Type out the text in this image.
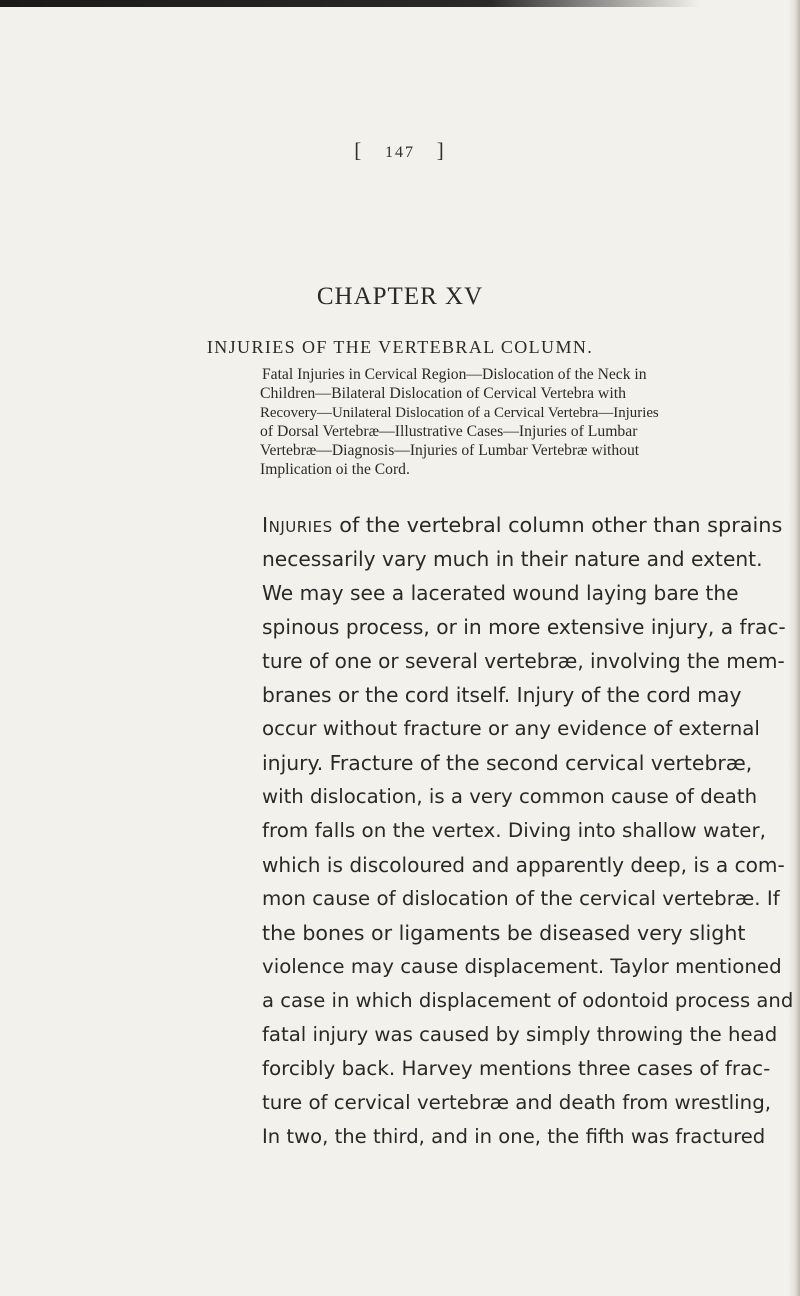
[ 147 ]
CHAPTER XV
INJURIES OF THE VERTEBRAL COLUMN.
Fatal Injuries in Cervical Region—Dislocation of the Neck in
Children—Bilateral Dislocation of Cervical Vertebra with
Recovery—Unilateral Dislocation of a Cervical Vertebra—Injuries
of Dorsal Vertebræ—Illustrative Cases—Injuries of Lumbar
Vertebræ—Diagnosis—Injuries of Lumbar Vertebræ without
Implication oi the Cord.
Injuries of the vertebral column other than sprains
necessarily vary much in their nature and extent.
We may see a lacerated wound laying bare the
spinous process, or in more extensive injury, a frac-
ture of one or several vertebræ, involving the mem-
branes or the cord itself. Injury of the cord may
occur without fracture or any evidence of external
injury. Fracture of the second cervical vertebræ,
with dislocation, is a very common cause of death
from falls on the vertex. Diving into shallow water,
which is discoloured and apparently deep, is a com-
mon cause of dislocation of the cervical vertebræ. If
the bones or ligaments be diseased very slight
violence may cause displacement. Taylor mentioned
a case in which displacement of odontoid process and
fatal injury was caused by simply throwing the head
forcibly back. Harvey mentions three cases of frac-
ture of cervical vertebræ and death from wrestling,
In two, the third, and in one, the fifth was fractured
